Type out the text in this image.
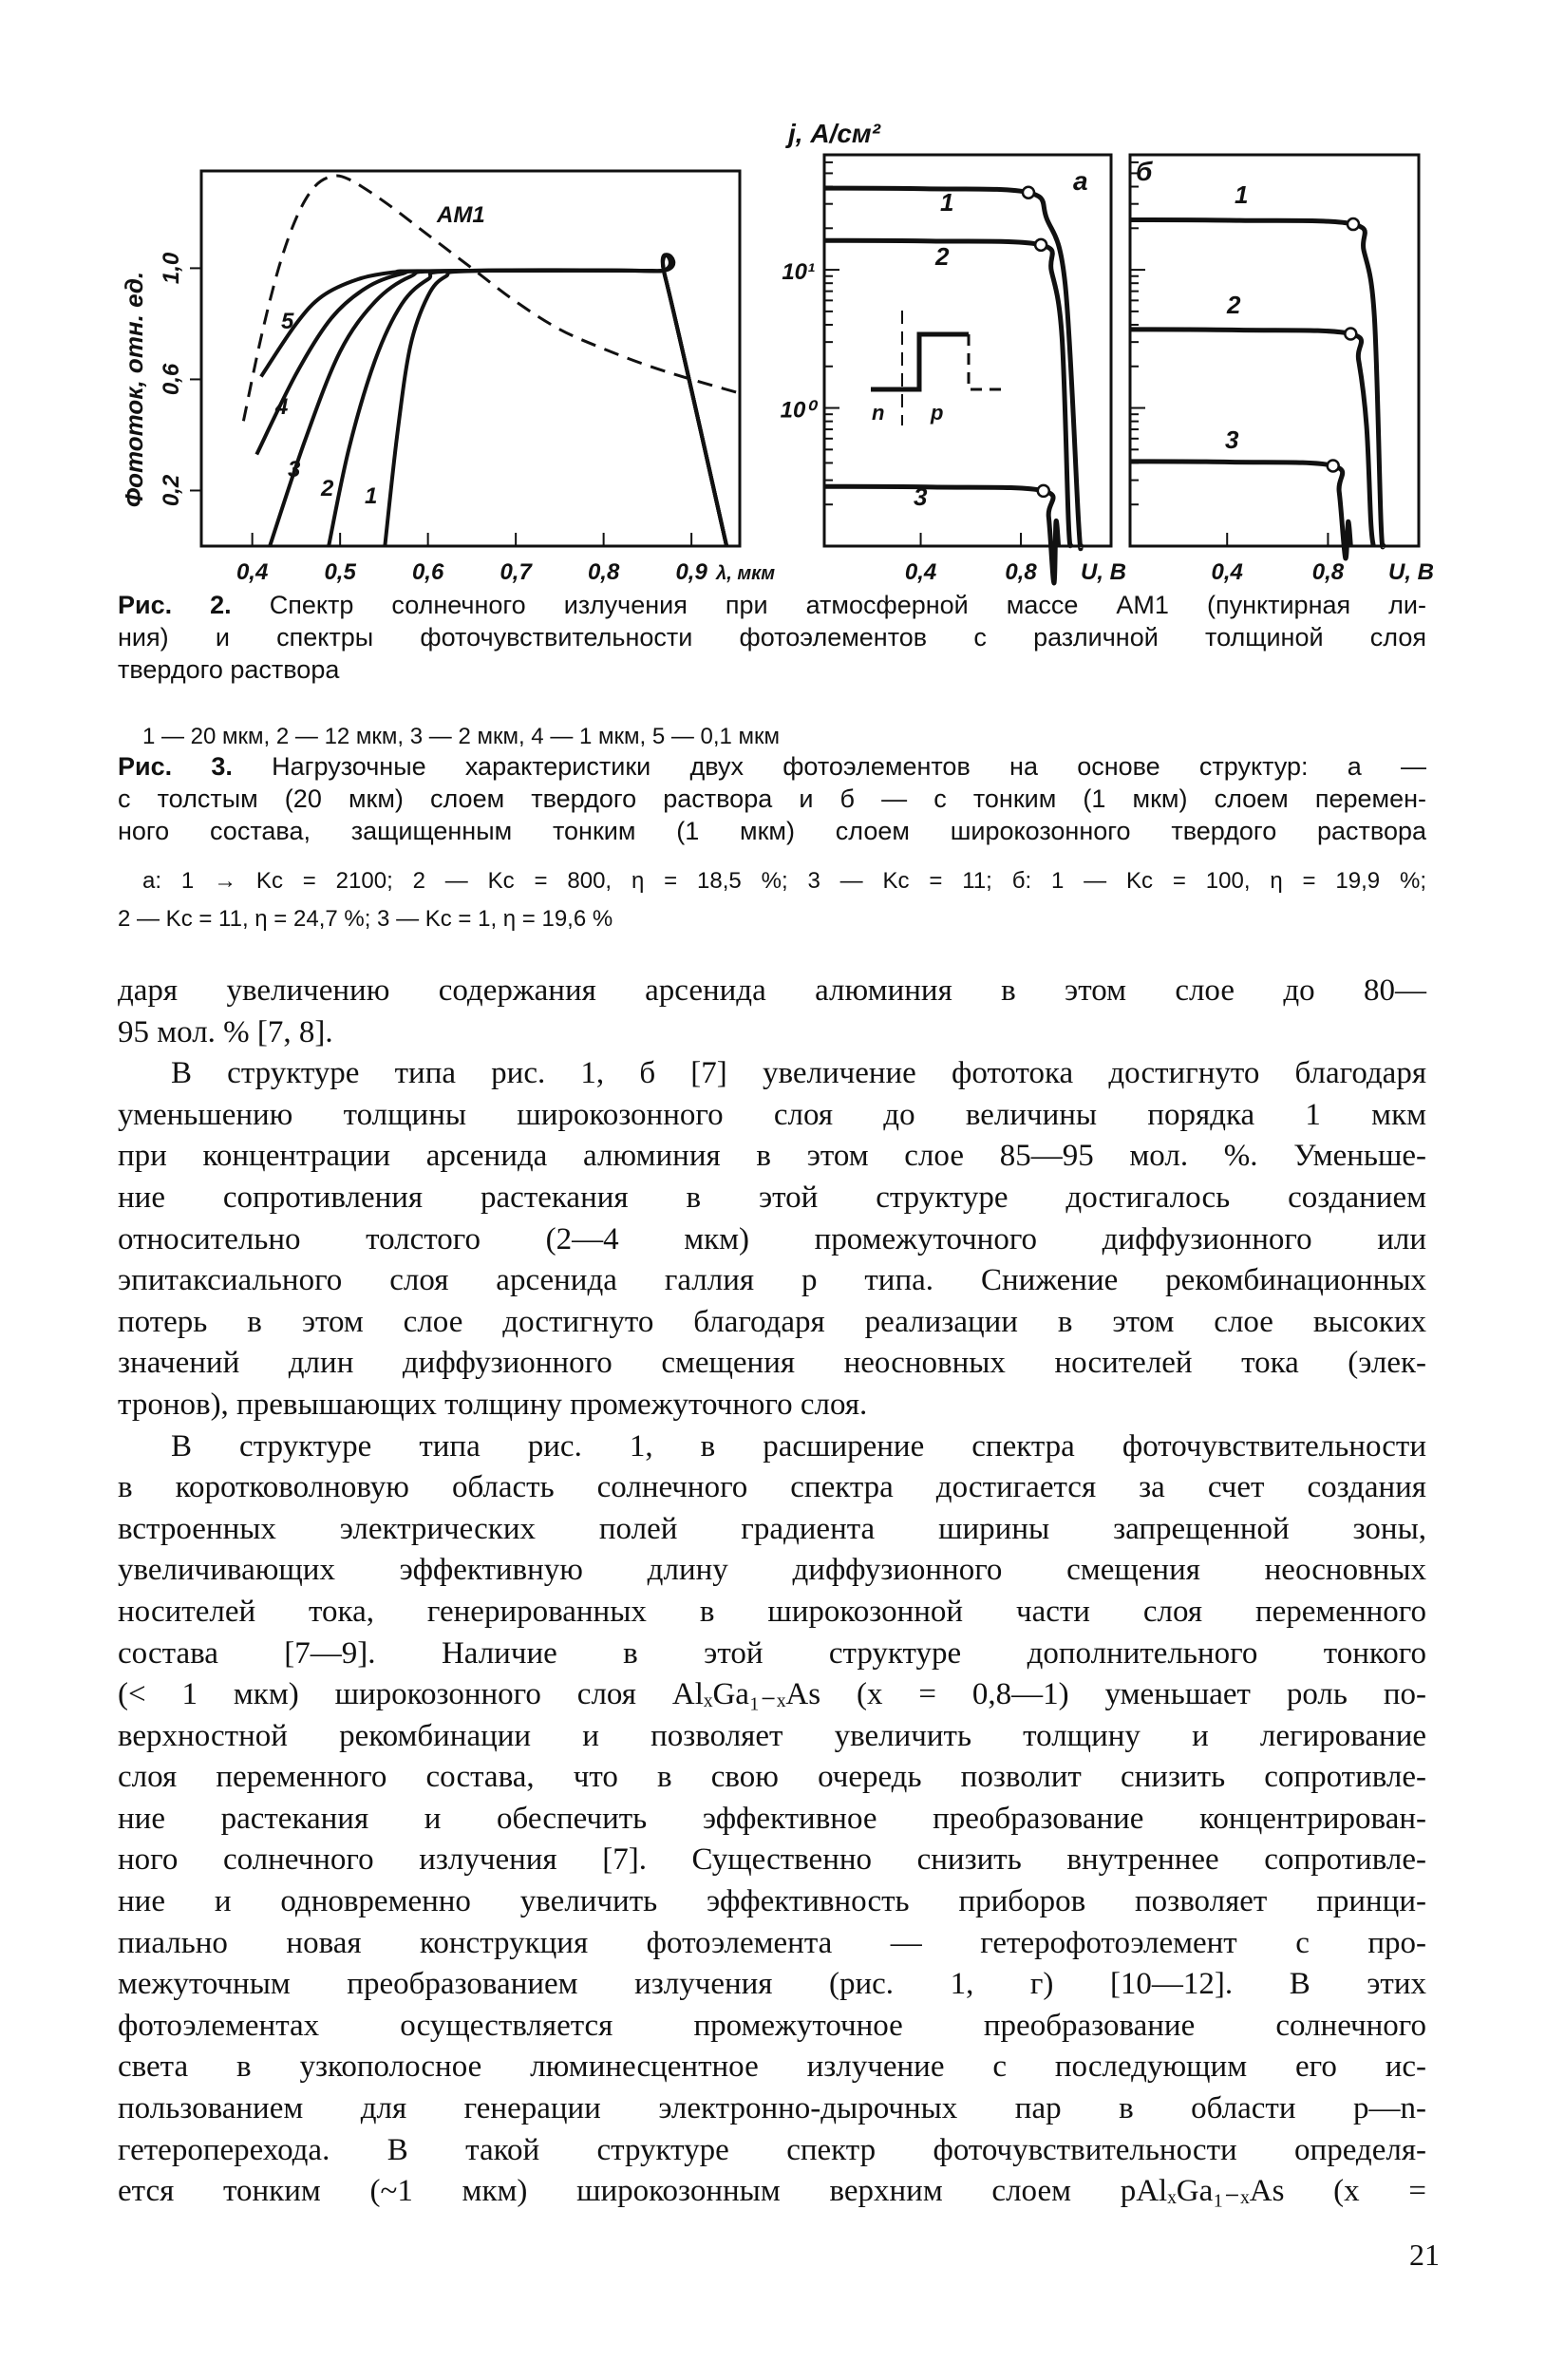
0,4 0,5 0,6 0,7 0,8 0,9 λ, мкм
0,2
0,6
1,0
Фототок, отн. ед.
AM1
5
4
3
2 1
10¹
10⁰
0,4	0,8 U, В
а
1
2
3
0,4	0,8 U, В
б
1
2
3
j, А/см²
n p
Рис. 2. Спектр солнечного излучения при атмосферной массе AM1 (пунктирная ли-
ния) и спектры фоточувствительности фотоэлементов с различной толщиной слоя
твердого раствора
1 — 20 мкм, 2 — 12 мкм, 3 — 2 мкм, 4 — 1 мкм, 5 — 0,1 мкм
Рис. 3. Нагрузочные характеристики двух фотоэлементов на основе структур: а —
с толстым (20 мкм) слоем твердого раствора и б — с тонким (1 мкм) слоем перемен-
ного состава, защищенным тонким (1 мкм) слоем широкозонного твердого раствора
а: 1 → Kс = 2100; 2 — Kс = 800, η = 18,5 %; 3 — Kс = 11; б: 1 — Kс = 100, η = 19,9 %;
2 — Kс = 11, η = 24,7 %; 3 — Kс = 1, η = 19,6 %
даря увеличению содержания арсенида алюминия в этом слое до 80—
95 мол. % [7, 8].
В структуре типа рис. 1, б [7] увеличение фототока достигнуто благодаря
уменьшению толщины широкозонного слоя до величины порядка 1 мкм
при концентрации арсенида алюминия в этом слое 85—95 мол. %. Уменьше-
ние сопротивления растекания в этой структуре достигалось созданием
относительно толстого (2—4 мкм) промежуточного диффузионного или
эпитаксиального слоя арсенида галлия p типа. Снижение рекомбинационных
потерь в этом слое достигнуто благодаря реализации в этом слое высоких
значений длин диффузионного смещения неосновных носителей тока (элек-
тронов), превышающих толщину промежуточного слоя.
В структуре типа рис. 1, в расширение спектра фоточувствительности
в коротковолновую область солнечного спектра достигается за счет создания
встроенных электрических полей градиента ширины запрещенной зоны,
увеличивающих эффективную длину диффузионного смещения неосновных
носителей тока, генерированных в широкозонной части слоя переменного
состава [7—9]. Наличие в этой структуре дополнительного тонкого
(< 1 мкм) широкозонного слоя AlₓGa₁₋ₓAs (x = 0,8—1) уменьшает роль по-
верхностной рекомбинации и позволяет увеличить толщину и легирование
слоя переменного состава, что в свою очередь позволит снизить сопротивле-
ние растекания и обеспечить эффективное преобразование концентрирован-
ного солнечного излучения [7]. Существенно снизить внутреннее сопротивле-
ние и одновременно увеличить эффективность приборов позволяет принци-
пиально новая конструкция фотоэлемента — гетерофотоэлемент с про-
межуточным преобразованием излучения (рис. 1, г) [10—12]. В этих
фотоэлементах осуществляется промежуточное преобразование солнечного
света в узкополосное люминесцентное излучение с последующим его ис-
пользованием для генерации электронно-дырочных пар в области p—n-
гетероперехода. В такой структуре спектр фоточувствительности определя-
ется тонким (~1 мкм) широкозонным верхним слоем pAlₓGa₁₋ₓAs (x =
21
